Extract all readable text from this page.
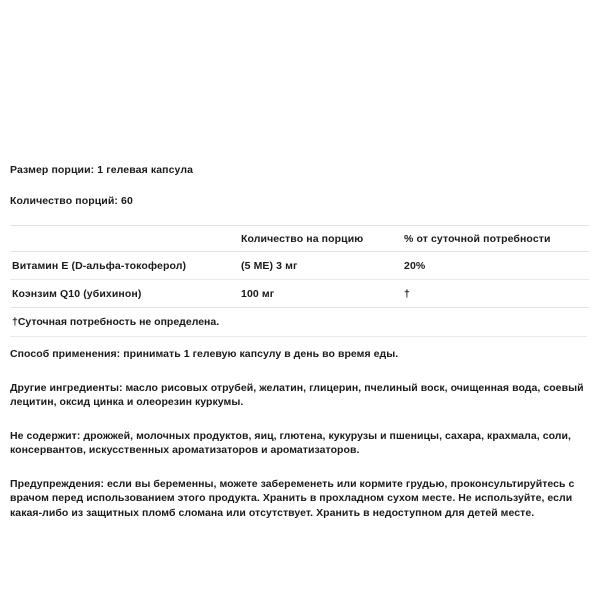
Размер порции: 1 гелевая капсула
Количество порций: 60
	Количество на порцию	% от суточной потребности
Витамин Е (D-альфа-токоферол)	(5 МЕ) 3 мг	20%
Коэнзим Q10 (убихинон)	100 мг	†
†Суточная потребность не определена.
Способ применения: принимать 1 гелевую капсулу в день во время еды.
Другие ингредиенты: масло рисовых отрубей, желатин, глицерин, пчелиный воск, очищенная вода, соевый лецитин, оксид цинка и олеорезин куркумы.
Не содержит: дрожжей, молочных продуктов, яиц, глютена, кукурузы и пшеницы, сахара, крахмала, соли, консервантов, искусственных ароматизаторов и ароматизаторов.
Предупреждения: если вы беременны, можете забеременеть или кормите грудью, проконсультируйтесь с врачом перед использованием этого продукта. Хранить в прохладном сухом месте. Не используйте, если какая-либо из защитных пломб сломана или отсутствует. Хранить в недоступном для детей месте.
